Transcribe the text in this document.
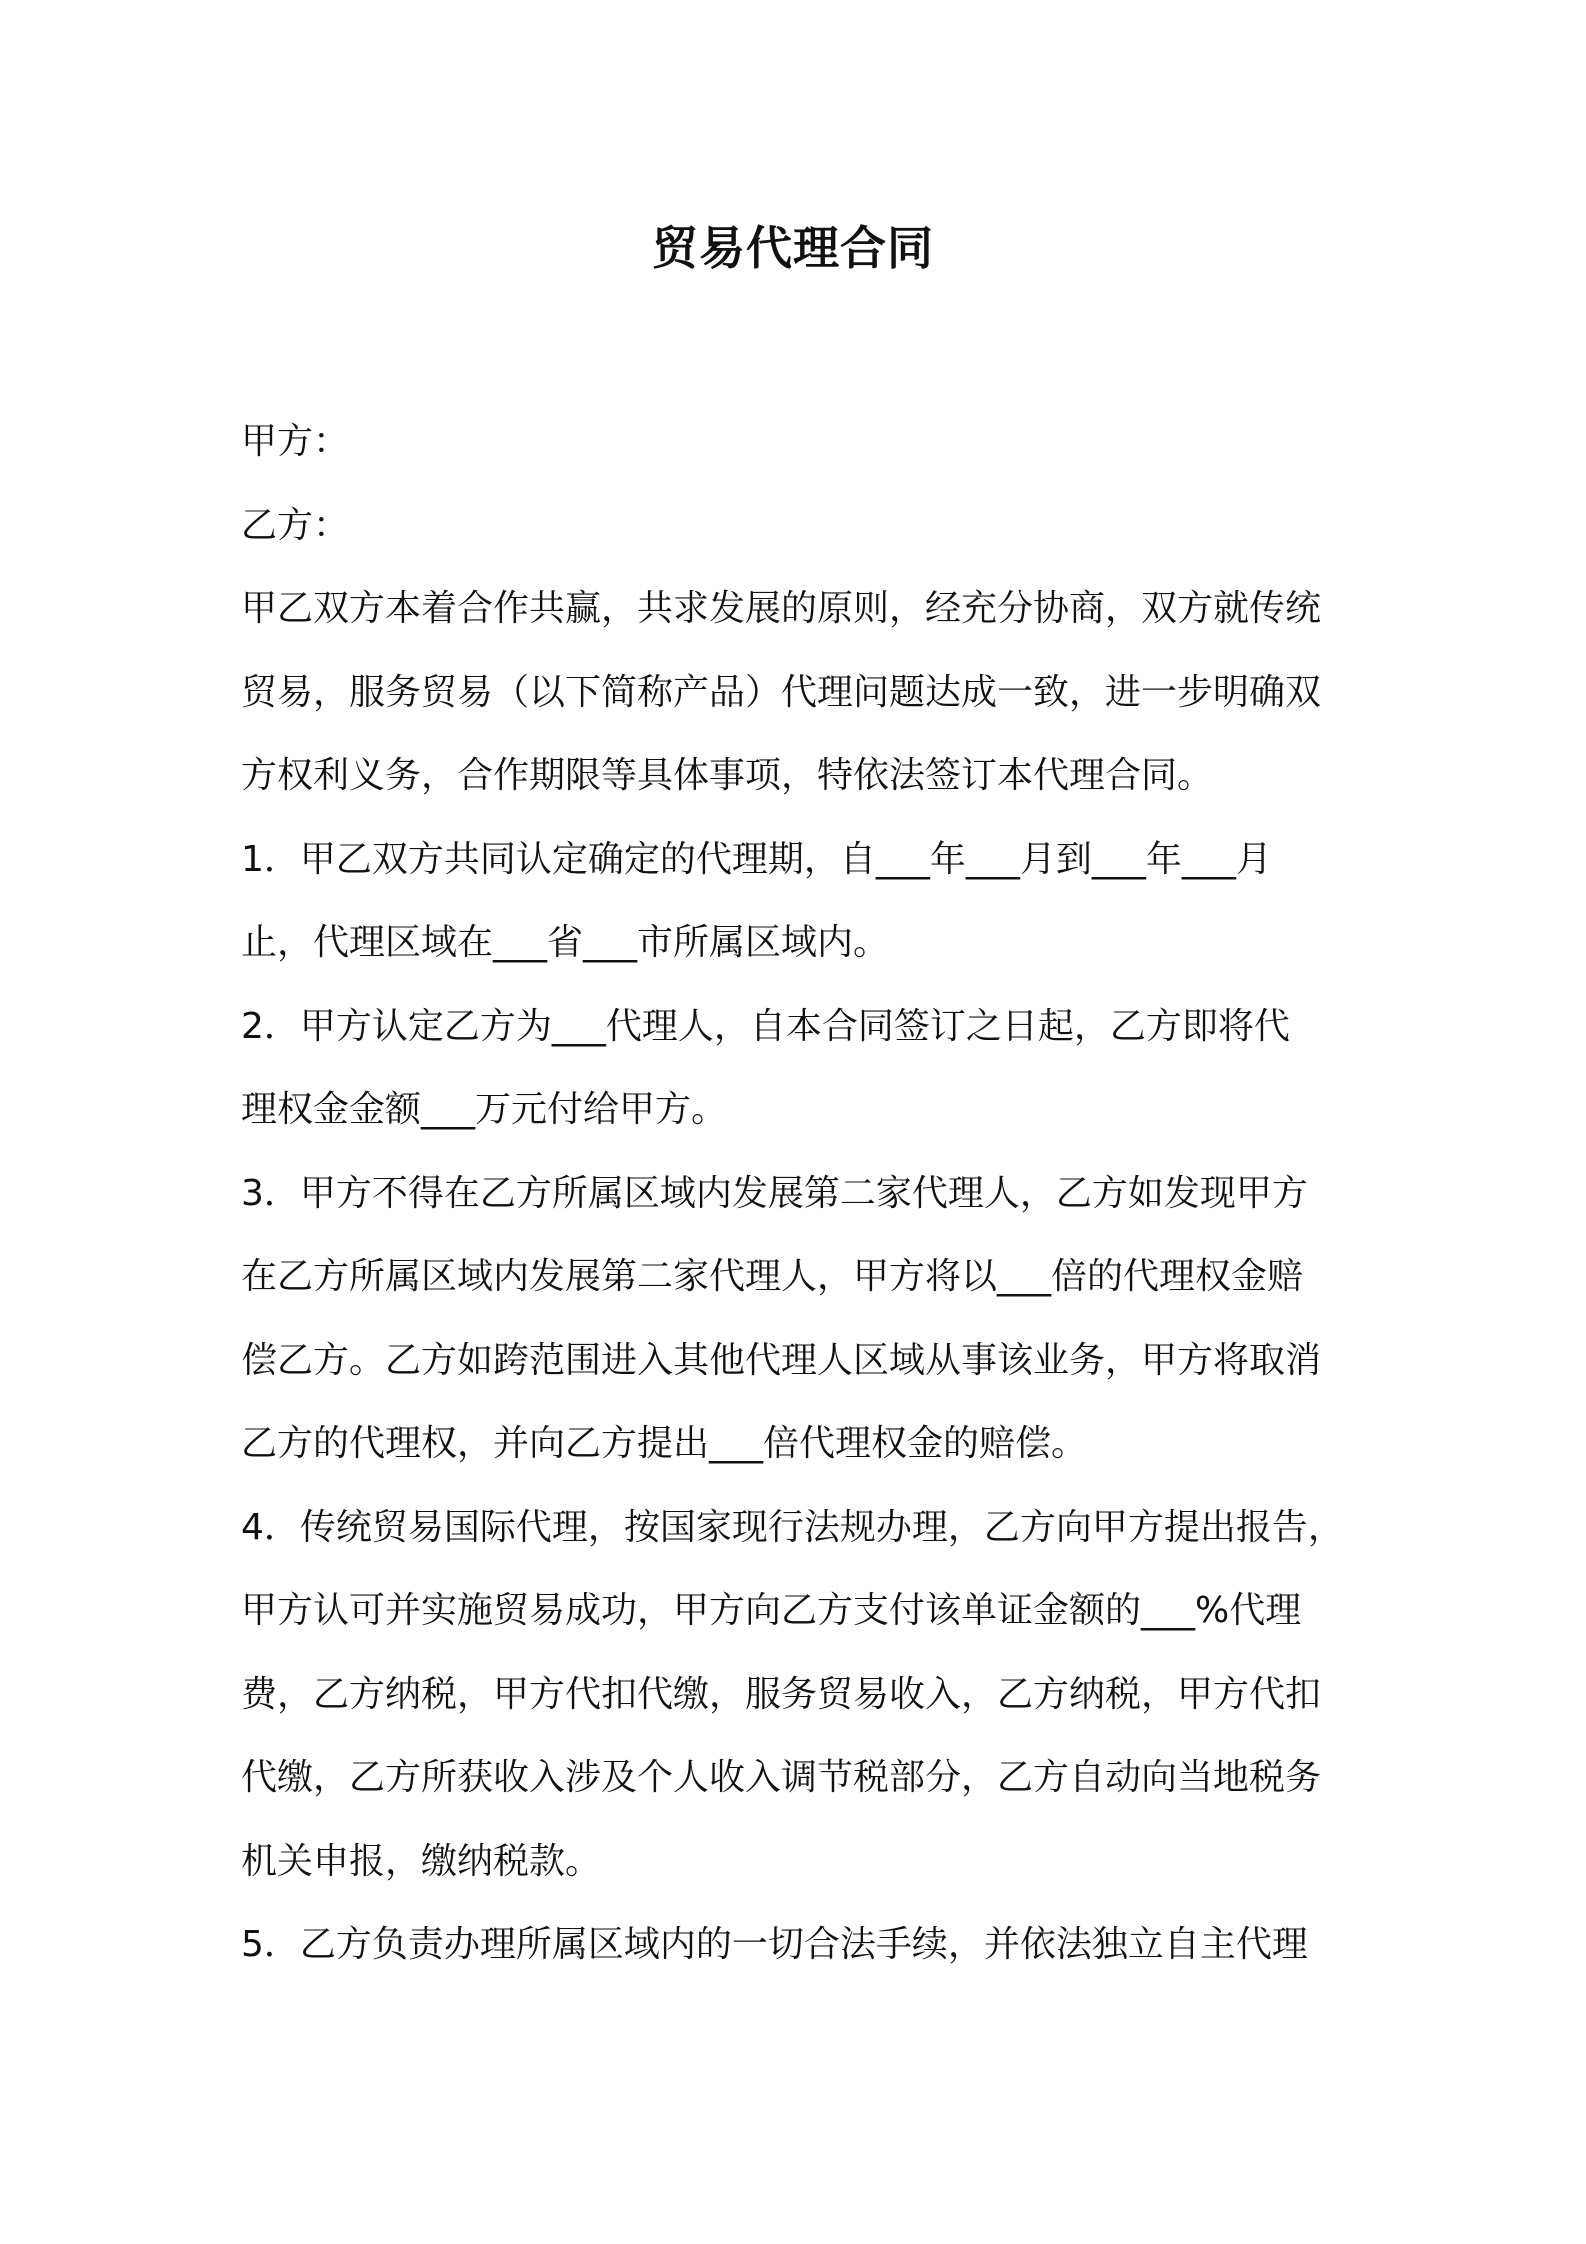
贸易代理合同
甲方：
乙方：
甲乙双方本着合作共赢，共求发展的原则，经充分协商，双方就传统
贸易，服务贸易（以下简称产品）代理问题达成一致，进一步明确双
方权利义务，合作期限等具体事项，特依法签订本代理合同。
1．甲乙双方共同认定确定的代理期，自___年___月到___年___月
止，代理区域在___省___市所属区域内。
2．甲方认定乙方为___代理人，自本合同签订之日起，乙方即将代
理权金金额___万元付给甲方。
3．甲方不得在乙方所属区域内发展第二家代理人，乙方如发现甲方
在乙方所属区域内发展第二家代理人，甲方将以___倍的代理权金赔
偿乙方。乙方如跨范围进入其他代理人区域从事该业务，甲方将取消
乙方的代理权，并向乙方提出___倍代理权金的赔偿。
4．传统贸易国际代理，按国家现行法规办理，乙方向甲方提出报告，
甲方认可并实施贸易成功，甲方向乙方支付该单证金额的___%代理
费，乙方纳税，甲方代扣代缴，服务贸易收入，乙方纳税，甲方代扣
代缴，乙方所获收入涉及个人收入调节税部分，乙方自动向当地税务
机关申报，缴纳税款。
5．乙方负责办理所属区域内的一切合法手续，并依法独立自主代理
